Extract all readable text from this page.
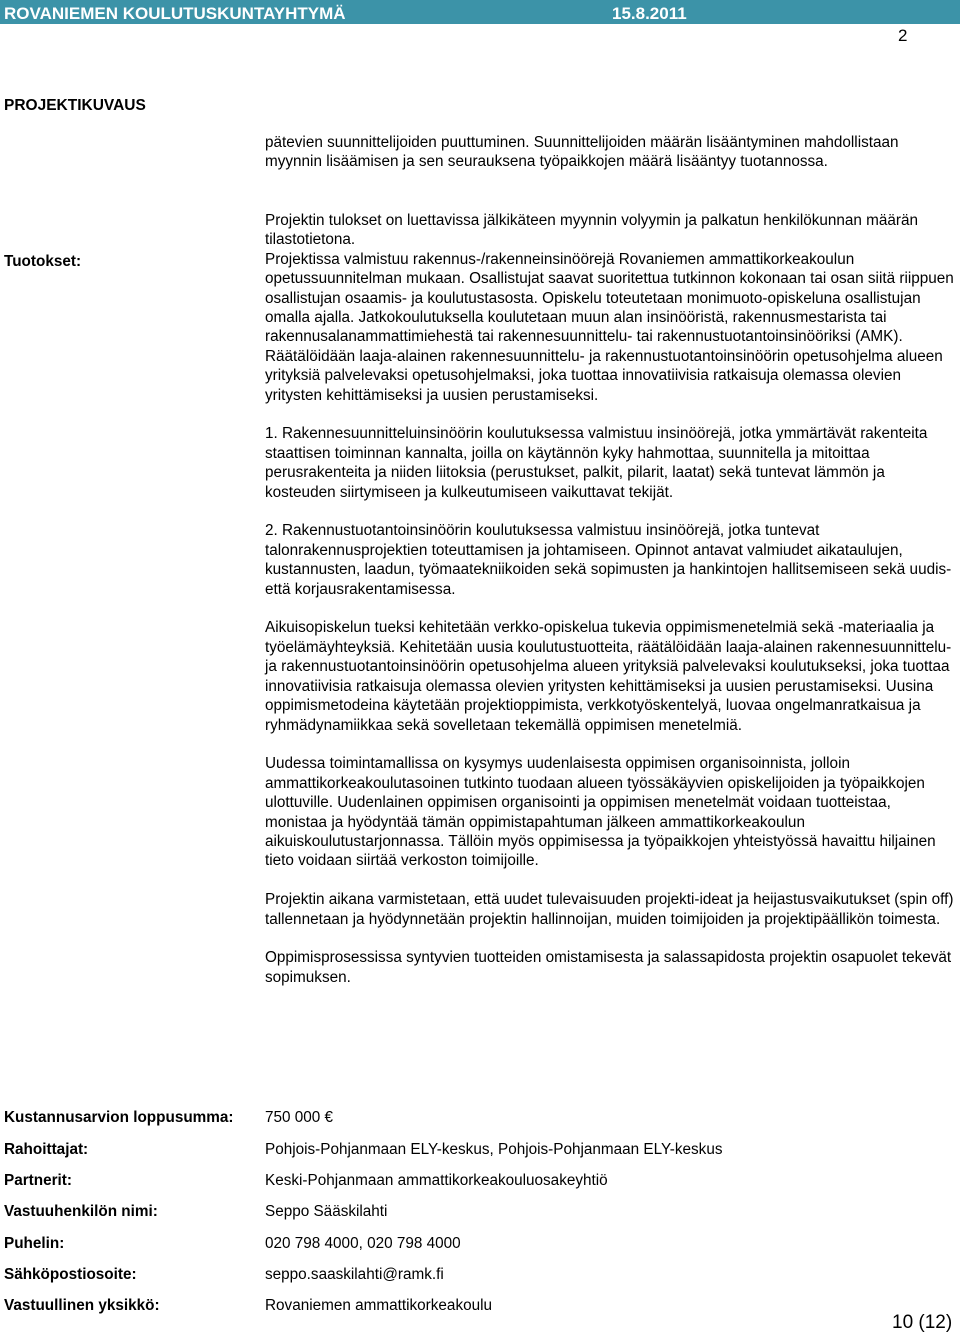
ROVANIEMEN KOULUTUSKUNTAYHTYMÄ	15.8.2011
2
PROJEKTIKUVAUS

pätevien suunnittelijoiden puuttuminen. Suunnittelijoiden määrän lisääntyminen mahdollistaan myynnin lisäämisen ja sen seurauksena työpaikkojen määrä lisääntyy tuotannossa.

Tuotokset:

Projektin tulokset on luettavissa jälkikäteen myynnin volyymin ja palkatun henkilökunnan määrän tilastotietona.

Projektissa valmistuu rakennus-/rakenneinsinöörejä Rovaniemen ammattikorkeakoulun opetussuunnitelman mukaan. Osallistujat saavat suoritettua tutkinnon kokonaan tai osan siitä riippuen osallistujan osaamis- ja koulutustasosta. Opiskelu toteutetaan monimuoto-opiskeluna osallistujan omalla ajalla. Jatkokoulutuksella koulutetaan muun alan insinööristä, rakennusmestarista tai rakennusalanammattimiehestä tai rakennesuunnittelu- tai rakennustuotantoinsinööriksi (AMK). Räätälöidään laaja-alainen rakennesuunnittelu- ja rakennustuotantoinsinöörin opetusohjelma alueen yrityksiä palvelevaksi opetusohjelmaksi, joka tuottaa innovatiivisia ratkaisuja olemassa olevien yritysten kehittämiseksi ja uusien perustamiseksi.

1. Rakennesuunnitteluinsinöörin koulutuksessa valmistuu insinöörejä, jotka ymmärtävät rakenteita staattisen toiminnan kannalta, joilla on käytännön kyky hahmottaa, suunnitella ja mitoittaa perusrakenteita ja niiden liitoksia (perustukset, palkit, pilarit, laatat) sekä tuntevat lämmön ja kosteuden siirtymiseen ja kulkeutumiseen vaikuttavat tekijät.

2. Rakennustuotantoinsinöörin koulutuksessa valmistuu insinöörejä, jotka tuntevat talonrakennusprojektien toteuttamisen ja johtamiseen. Opinnot antavat valmiudet aikataulujen, kustannusten, laadun, työmaatekniikoiden sekä sopimusten ja hankintojen hallitsemiseen sekä uudis- että korjausrakentamisessa.

Aikuisopiskelun tueksi kehitetään verkko-opiskelua tukevia oppimismenetelmiä sekä -materiaalia ja työelämäyhteyksiä. Kehitetään uusia koulutustuotteita, räätälöidään laaja-alainen rakennesuunnittelu- ja rakennustuotantoinsinöörin opetusohjelma alueen yrityksiä palvelevaksi koulutukseksi, joka tuottaa innovatiivisia ratkaisuja olemassa olevien yritysten kehittämiseksi ja uusien perustamiseksi. Uusina oppimismetodeina käytetään projektioppimista, verkkotyöskentelyä, luovaa ongelmanratkaisua ja ryhmädynamiikkaa sekä sovelletaan tekemällä oppimisen menetelmiä.

Uudessa toimintamallissa on kysymys uudenlaisesta oppimisen organisoinnista, jolloin ammattikorkeakoulutasoinen tutkinto tuodaan alueen työssäkäyvien opiskelijoiden ja työpaikkojen ulottuville. Uudenlainen oppimisen organisointi ja oppimisen menetelmät voidaan tuotteistaa, monistaa ja hyödyntää tämän oppimistapahtuman jälkeen ammattikorkeakoulun aikuiskoulutustarjonnassa. Tällöin myös oppimisessa ja työpaikkojen yhteistyössä havaittu hiljainen tieto voidaan siirtää verkoston toimijoille.

Projektin aikana varmistetaan, että uudet tulevaisuuden projekti-ideat ja heijastusvaikutukset (spin off) tallennetaan ja hyödynnetään projektin hallinnoijan, muiden toimijoiden ja projektipäällikön toimesta.

Oppimisprosessissa syntyvien tuotteiden omistamisesta ja salassapidosta projektin osapuolet tekevät sopimuksen.

Kustannusarvion loppusumma: 750 000 €
Rahoittajat:	Pohjois-Pohjanmaan ELY-keskus, Pohjois-Pohjanmaan ELY-keskus
Partnerit:	Keski-Pohjanmaan ammattikorkeakouluosakeyhtiö
Vastuuhenkilön nimi:	Seppo Sääskilahti
Puhelin:	020 798 4000, 020 798 4000
Sähköpostiosoite:	seppo.saaskilahti@ramk.fi
Vastuullinen yksikkö:	Rovaniemen ammattikorkeakoulu
10 (12)
